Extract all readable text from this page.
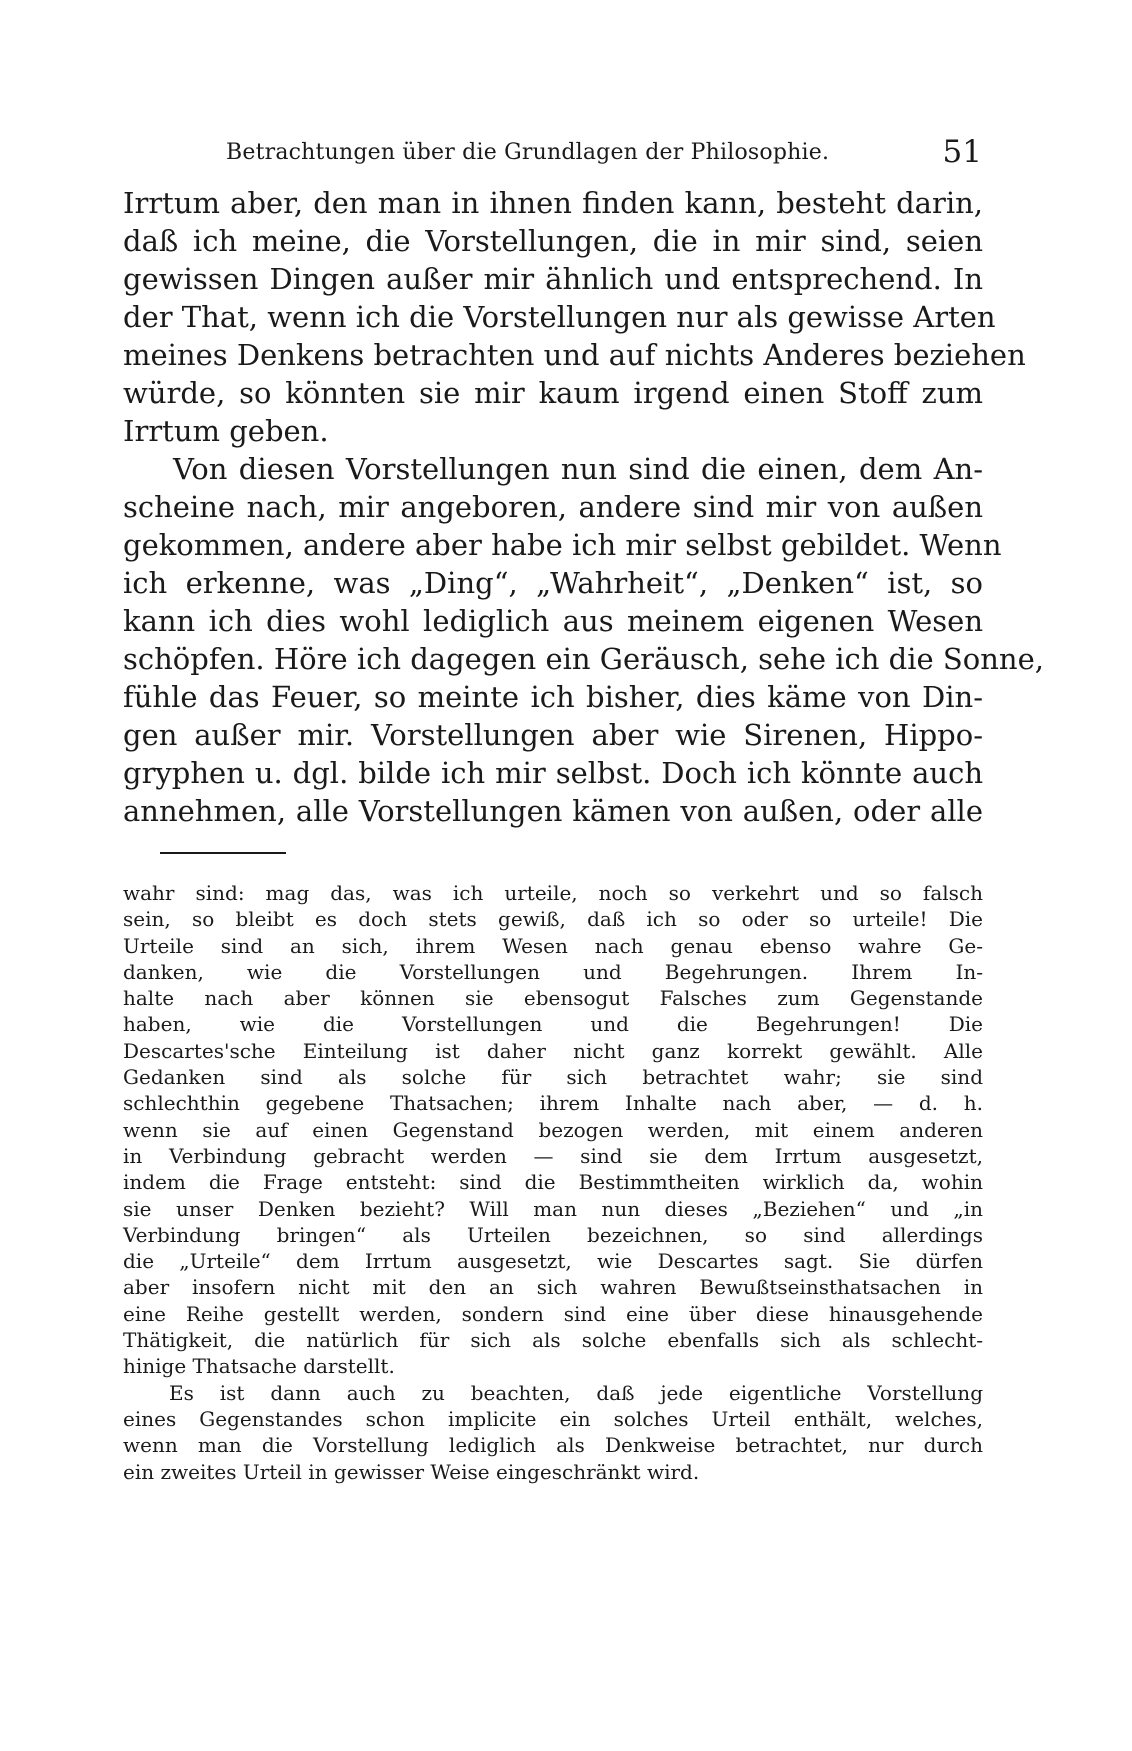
Betrachtungen über die Grundlagen der Philosophie.	51
Irrtum aber, den man in ihnen finden kann, besteht darin,
daß ich meine, die Vorstellungen, die in mir sind, seien
gewissen Dingen außer mir ähnlich und entsprechend. In
der That, wenn ich die Vorstellungen nur als gewisse Arten
meines Denkens betrachten und auf nichts Anderes beziehen
würde, so könnten sie mir kaum irgend einen Stoff zum
Irrtum geben.
Von diesen Vorstellungen nun sind die einen, dem An-
scheine nach, mir angeboren, andere sind mir von außen
gekommen, andere aber habe ich mir selbst gebildet. Wenn
ich erkenne, was „Ding“, „Wahrheit“, „Denken“ ist, so
kann ich dies wohl lediglich aus meinem eigenen Wesen
schöpfen. Höre ich dagegen ein Geräusch, sehe ich die Sonne,
fühle das Feuer, so meinte ich bisher, dies käme von Din-
gen außer mir. Vorstellungen aber wie Sirenen, Hippo-
gryphen u. dgl. bilde ich mir selbst. Doch ich könnte auch
annehmen, alle Vorstellungen kämen von außen, oder alle
wahr sind: mag das, was ich urteile, noch so verkehrt und so falsch
sein, so bleibt es doch stets gewiß, daß ich so oder so urteile! Die
Urteile sind an sich, ihrem Wesen nach genau ebenso wahre Ge-
danken, wie die Vorstellungen und Begehrungen. Ihrem In-
halte nach aber können sie ebensogut Falsches zum Gegenstande
haben, wie die Vorstellungen und die Begehrungen! Die
Descartes'sche Einteilung ist daher nicht ganz korrekt gewählt. Alle
Gedanken sind als solche für sich betrachtet wahr; sie sind
schlechthin gegebene Thatsachen; ihrem Inhalte nach aber, — d. h.
wenn sie auf einen Gegenstand bezogen werden, mit einem anderen
in Verbindung gebracht werden — sind sie dem Irrtum ausgesetzt,
indem die Frage entsteht: sind die Bestimmtheiten wirklich da, wohin
sie unser Denken bezieht? Will man nun dieses „Beziehen“ und „in
Verbindung bringen“ als Urteilen bezeichnen, so sind allerdings
die „Urteile“ dem Irrtum ausgesetzt, wie Descartes sagt. Sie dürfen
aber insofern nicht mit den an sich wahren Bewußtseinsthatsachen in
eine Reihe gestellt werden, sondern sind eine über diese hinausgehende
Thätigkeit, die natürlich für sich als solche ebenfalls sich als schlecht-
hinige Thatsache darstellt.
Es ist dann auch zu beachten, daß jede eigentliche Vorstellung
eines Gegenstandes schon implicite ein solches Urteil enthält, welches,
wenn man die Vorstellung lediglich als Denkweise betrachtet, nur durch
ein zweites Urteil in gewisser Weise eingeschränkt wird.
